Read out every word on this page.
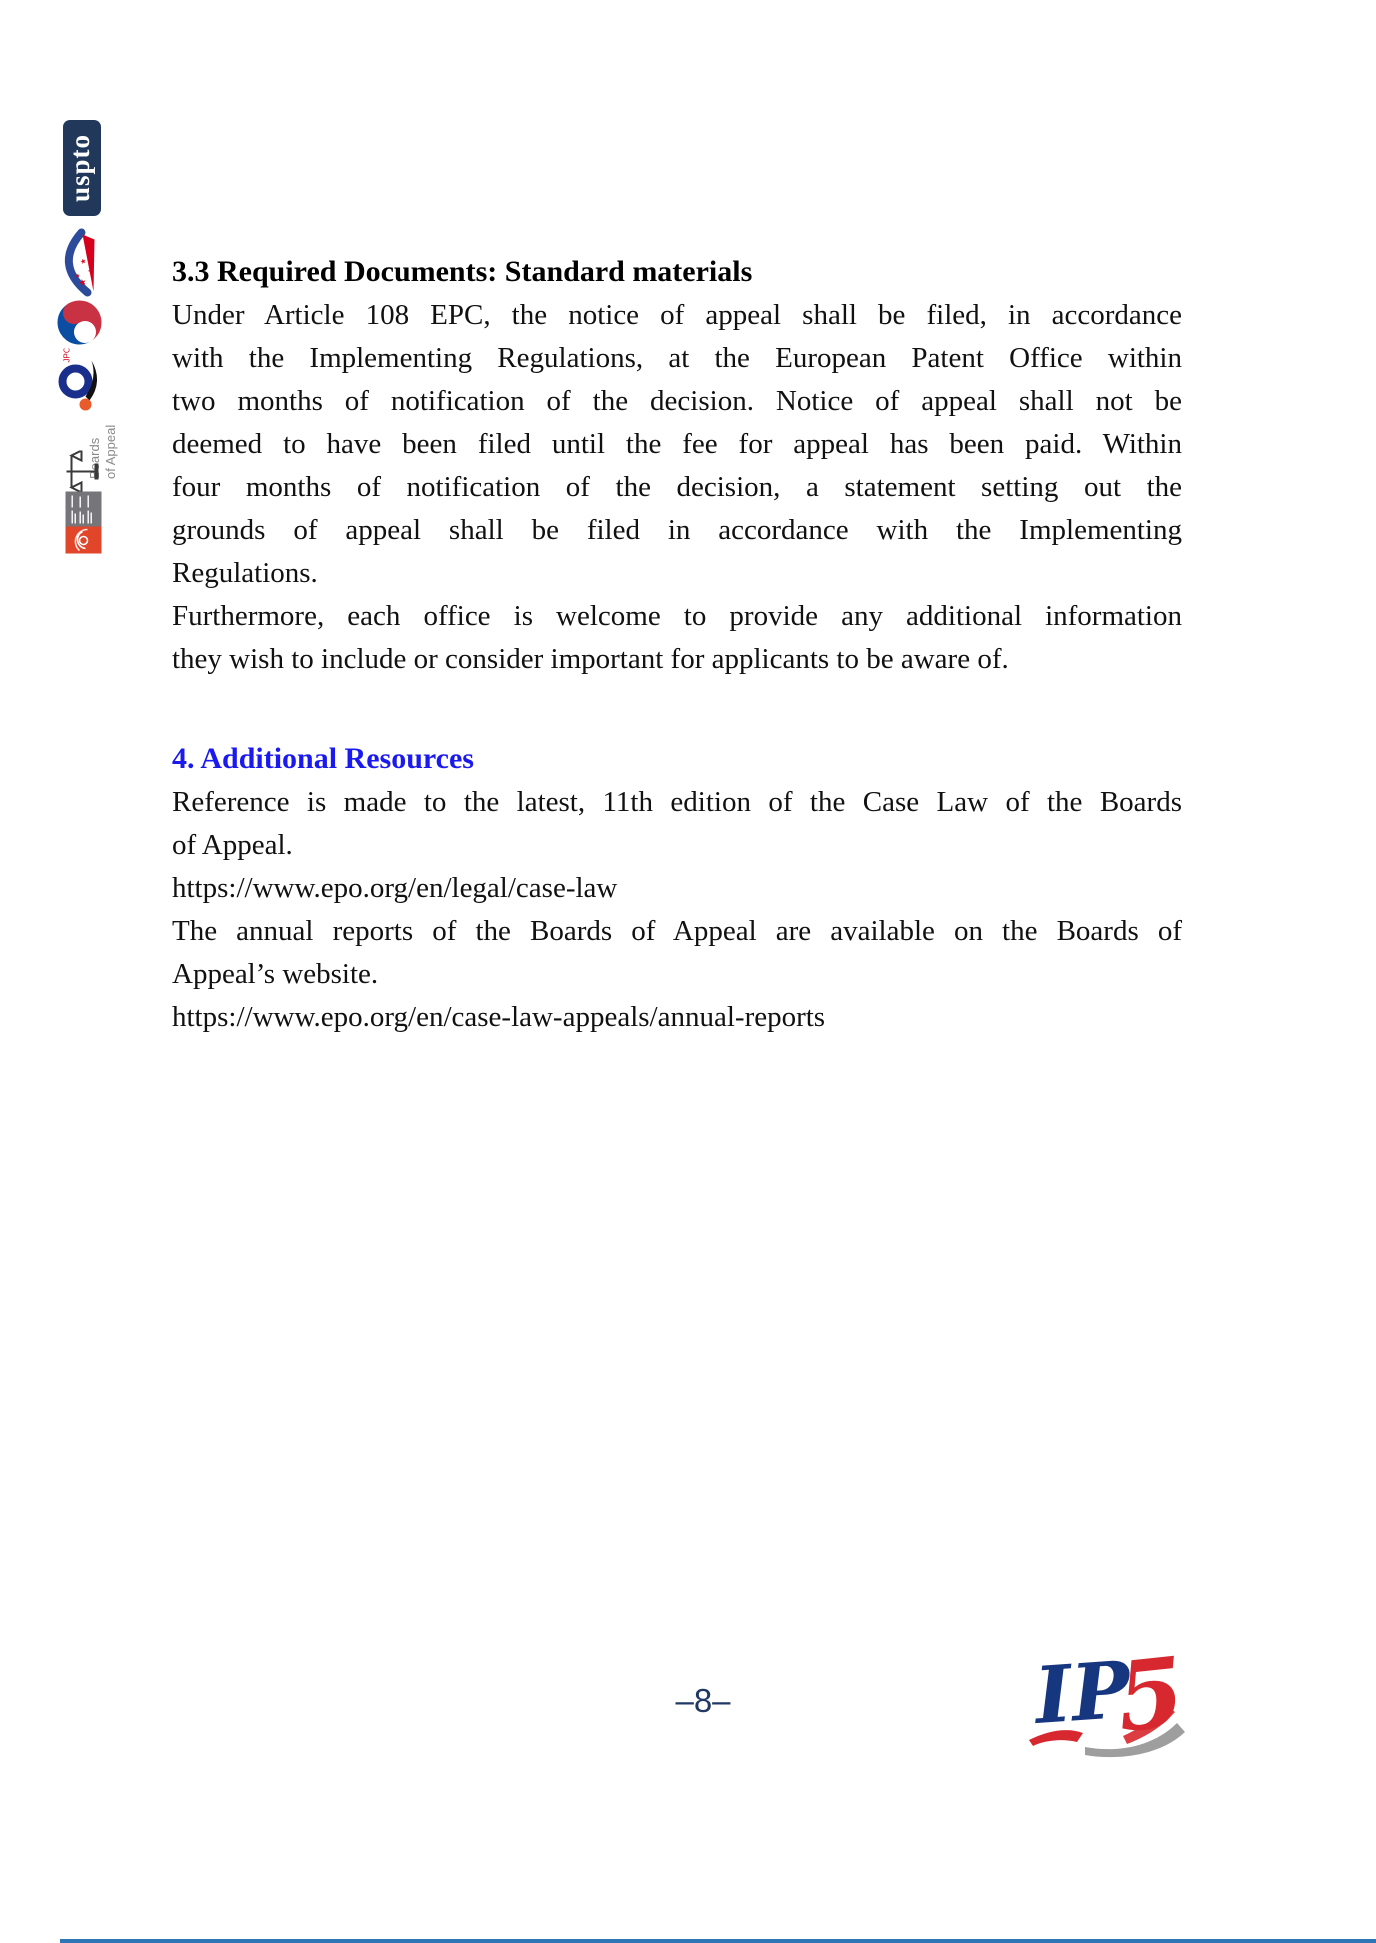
uspto
★
★
★
★
JPO
Boards of Appeal
3.3 Required Documents: Standard materials
Under Article 108 EPC, the notice of appeal shall be filed, in accordance
with the Implementing Regulations, at the European Patent Office within
two months of notification of the decision. Notice of appeal shall not be
deemed to have been filed until the fee for appeal has been paid. Within
four months of notification of the decision, a statement setting out the
grounds of appeal shall be filed in accordance with the Implementing
Regulations.
Furthermore, each office is welcome to provide any additional information
they wish to include or consider important for applicants to be aware of.
4. Additional Resources
Reference is made to the latest, 11th edition of the Case Law of the Boards
of Appeal.
https://www.epo.org/en/legal/case-law
The annual reports of the Boards of Appeal are available on the Boards of
Appeal’s website.
https://www.epo.org/en/case-law-appeals/annual-reports
–8–	IP
5
